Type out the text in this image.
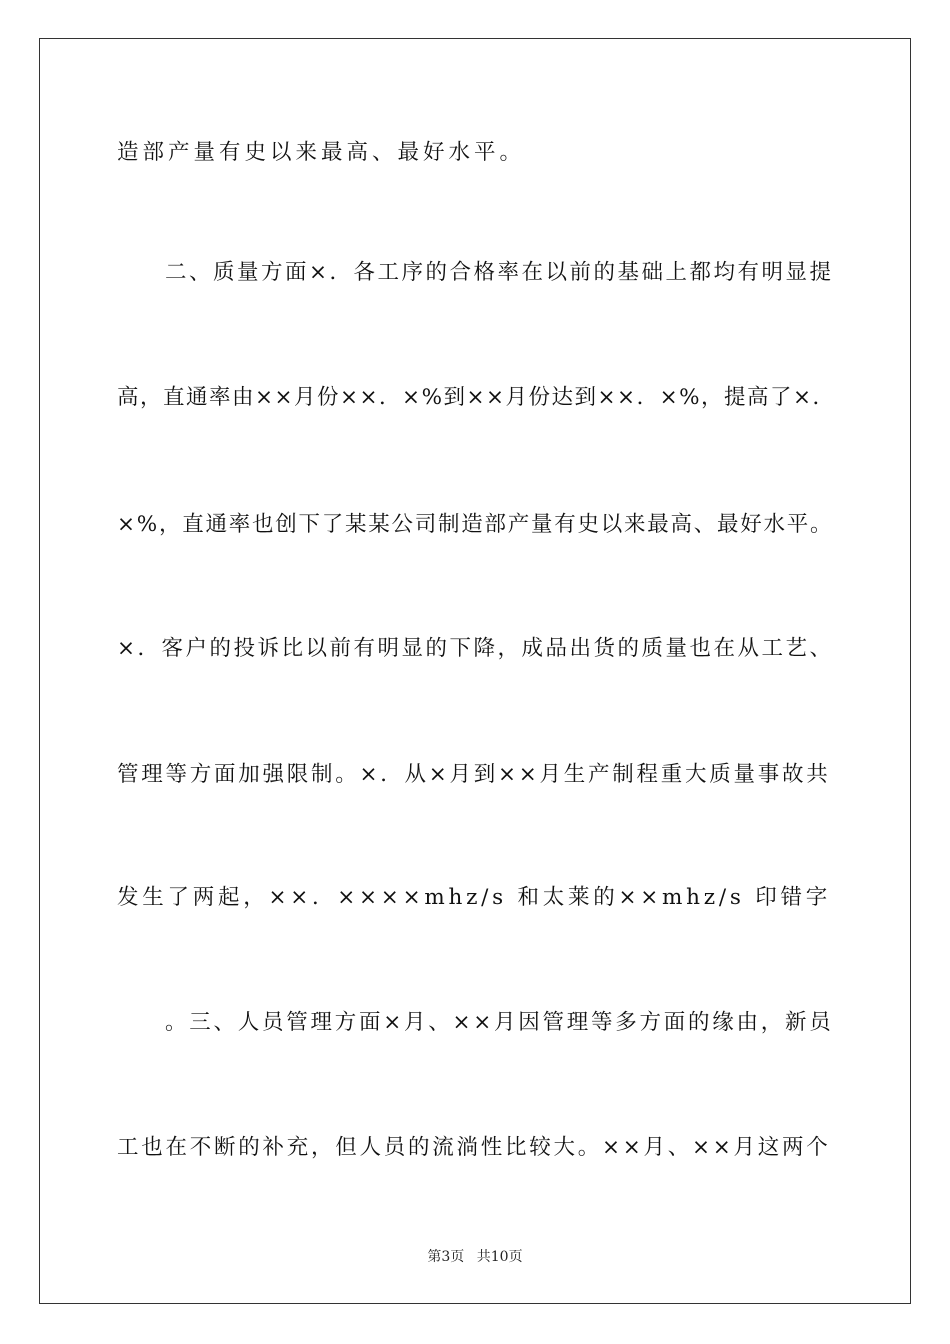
造部产量有史以来最高、最好水平。
二、质量方面×．各工序的合格率在以前的基础上都均有明显提
高，直通率由××月份××．×%到××月份达到××．×%，提高了×．
×%，直通率也创下了某某公司制造部产量有史以来最高、最好水平。
×．客户的投诉比以前有明显的下降，成品出货的质量也在从工艺、
管理等方面加强限制。×．从×月到××月生产制程重大质量事故共
发生了两起，××．××××mhz/s 和太莱的××mhz/s 印错字
。三、人员管理方面×月、××月因管理等多方面的缘由，新员
工也在不断的补充，但人员的流淌性比较大。××月、××月这两个
第3页 共10页
